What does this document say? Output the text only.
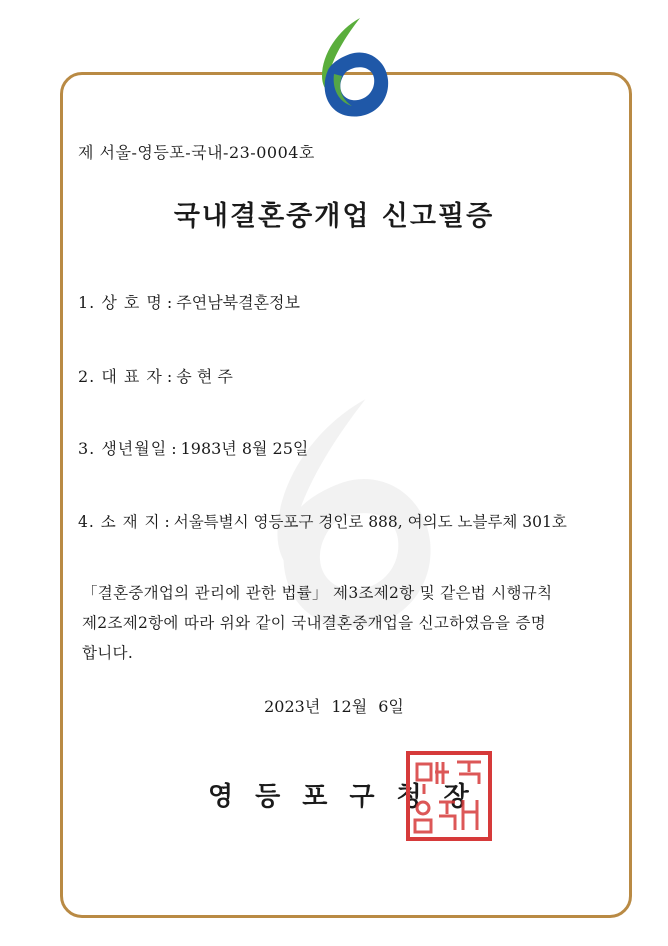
제 서울-영등포-국내-23-0004호
국내결혼중개업 신고필증
1. 상 호 명 : 주연남북결혼정보
2. 대 표 자 : 송 현 주
3. 생년월일 : 1983년 8월 25일
4. 소 재 지 : 서울특별시 영등포구 경인로 888, 여의도 노블루체 301호
「결혼중개업의 관리에 관한 법률」 제3조제2항 및 같은법 시행규칙
제2조제2항에 따라 위와 같이 국내결혼중개업을 신고하였음을 증명
합니다.
2023년 12월 6일
영등포구청장
